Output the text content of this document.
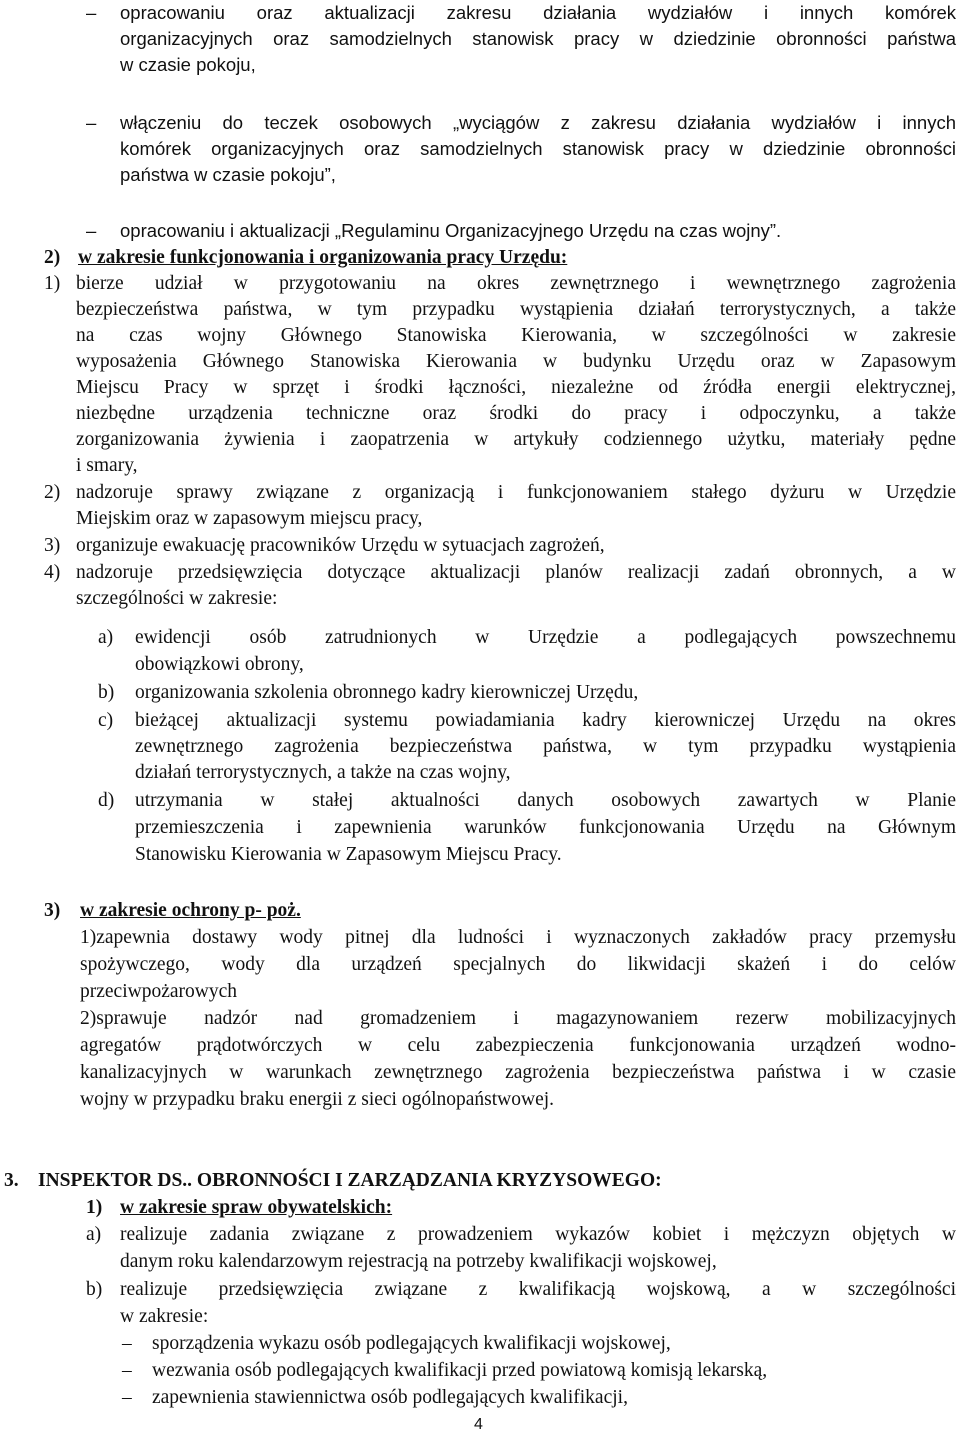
– opracowaniu oraz aktualizacji zakresu działania wydziałów i innych komórek
organizacyjnych oraz samodzielnych stanowisk pracy w dziedzinie obronności państwa
w czasie pokoju,
– włączeniu do teczek osobowych „wyciągów z zakresu działania wydziałów i innych
komórek organizacyjnych oraz samodzielnych stanowisk pracy w dziedzinie obronności
państwa w czasie pokoju”,
– opracowaniu i aktualizacji „Regulaminu Organizacyjnego Urzędu na czas wojny”.
2) w zakresie funkcjonowania i organizowania pracy Urzędu:
1) bierze udział w przygotowaniu na okres zewnętrznego i wewnętrznego zagrożenia
bezpieczeństwa państwa, w tym przypadku wystąpienia działań terrorystycznych, a także
na czas wojny Głównego Stanowiska Kierowania, w szczególności w zakresie
wyposażenia Głównego Stanowiska Kierowania w budynku Urzędu oraz w Zapasowym
Miejscu Pracy w sprzęt i środki łączności, niezależne od źródła energii elektrycznej,
niezbędne urządzenia techniczne oraz środki do pracy i odpoczynku, a także
zorganizowania żywienia i zaopatrzenia w artykuły codziennego użytku, materiały pędne
i smary,
2) nadzoruje sprawy związane z organizacją i funkcjonowaniem stałego dyżuru w Urzędzie
Miejskim oraz w zapasowym miejscu pracy,
3) organizuje ewakuację pracowników Urzędu w sytuacjach zagrożeń,
4) nadzoruje przedsięwzięcia dotyczące aktualizacji planów realizacji zadań obronnych, a w
szczególności w zakresie:
a) ewidencji osób zatrudnionych w Urzędzie a podlegających powszechnemu
obowiązkowi obrony,
b) organizowania szkolenia obronnego kadry kierowniczej Urzędu,
c) bieżącej aktualizacji systemu powiadamiania kadry kierowniczej Urzędu na okres
zewnętrznego zagrożenia bezpieczeństwa państwa, w tym przypadku wystąpienia
działań terrorystycznych, a także na czas wojny,
d) utrzymania w stałej aktualności danych osobowych zawartych w Planie
przemieszczenia i zapewnienia warunków funkcjonowania Urzędu na Głównym
Stanowisku Kierowania w Zapasowym Miejscu Pracy.
3) w zakresie ochrony p- poż.
1)zapewnia dostawy wody pitnej dla ludności i wyznaczonych zakładów pracy przemysłu
spożywczego, wody dla urządzeń specjalnych do likwidacji skażeń i do celów
przeciwpożarowych
2)sprawuje nadzór nad gromadzeniem i magazynowaniem rezerw mobilizacyjnych
agregatów prądotwórczych w celu zabezpieczenia funkcjonowania urządzeń wodno-
kanalizacyjnych w warunkach zewnętrznego zagrożenia bezpieczeństwa państwa i w czasie
wojny w przypadku braku energii z sieci ogólnopaństwowej.
3. INSPEKTOR DS.. OBRONNOŚCI I ZARZĄDZANIA KRYZYSOWEGO:
1) w zakresie spraw obywatelskich:
a) realizuje zadania związane z prowadzeniem wykazów kobiet i mężczyzn objętych w
danym roku kalendarzowym rejestracją na potrzeby kwalifikacji wojskowej,
b) realizuje przedsięwzięcia związane z kwalifikacją wojskową, a w szczególności
w zakresie:
– sporządzenia wykazu osób podlegających kwalifikacji wojskowej,
– wezwania osób podlegających kwalifikacji przed powiatową komisją lekarską,
– zapewnienia stawiennictwa osób podlegających kwalifikacji,
4
